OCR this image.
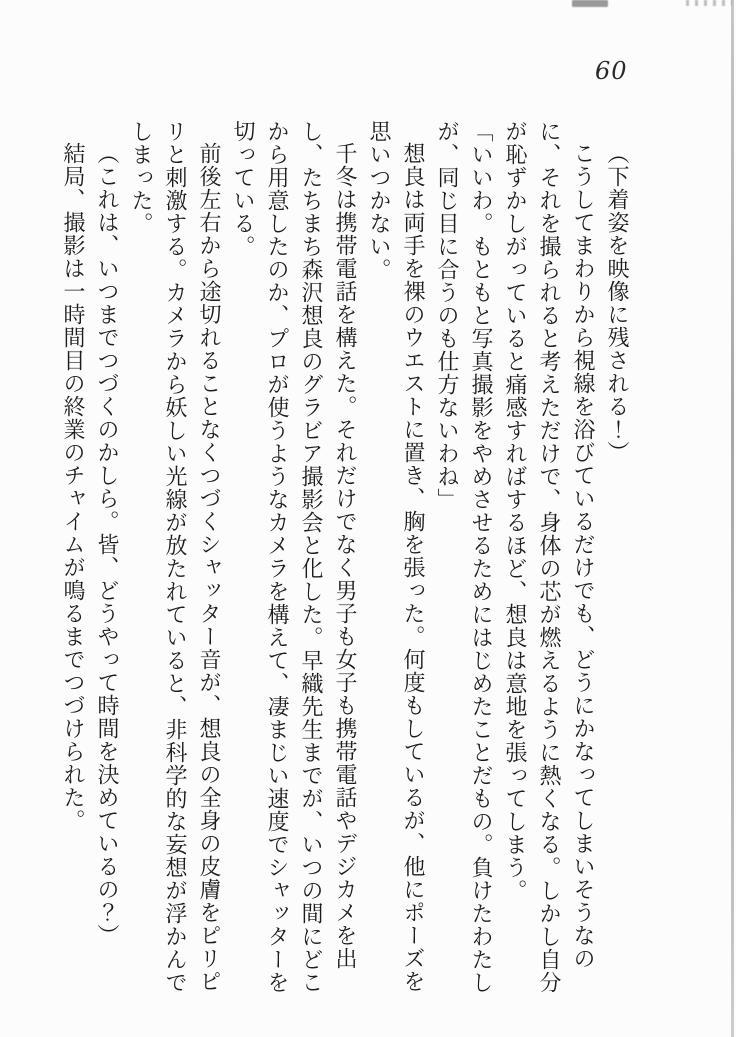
60

（下着姿を映像に残される！）

こうしてまわりから視線を浴びているだけでも、どうにかなってしまいそうなのに、それを撮られると考えただけで、身体の芯が燃えるように熱くなる。しかし自分が恥ずかしがっていると痛感すればするほど、想良は意地を張ってしまう。

「いいわ。もともと写真撮影をやめさせるためにはじめたことだもの。負けたわたしが、同じ目に合うのも仕方ないわね」

想良は両手を裸のウエストに置き、胸を張った。何度もしているが、他にポーズを思いつかない。

千冬は携帯電話を構えた。それだけでなく男子も女子も携帯電話やデジカメを出し、たちまち森沢想良のグラビア撮影会と化した。早織先生までが、いつの間にどこから用意したのか、プロが使うようなカメラを構えて、凄まじい速度でシャッターを切っている。

前後左右から途切れることなくつづくシャッター音が、想良の全身の皮膚をピリピリと刺激する。カメラから妖しい光線が放たれていると、非科学的な妄想が浮かんでしまった。

（これは、いつまでつづくのかしら。皆、どうやって時間を決めているの？）

結局、撮影は一時間目の終業のチャイムが鳴るまでつづけられた。
